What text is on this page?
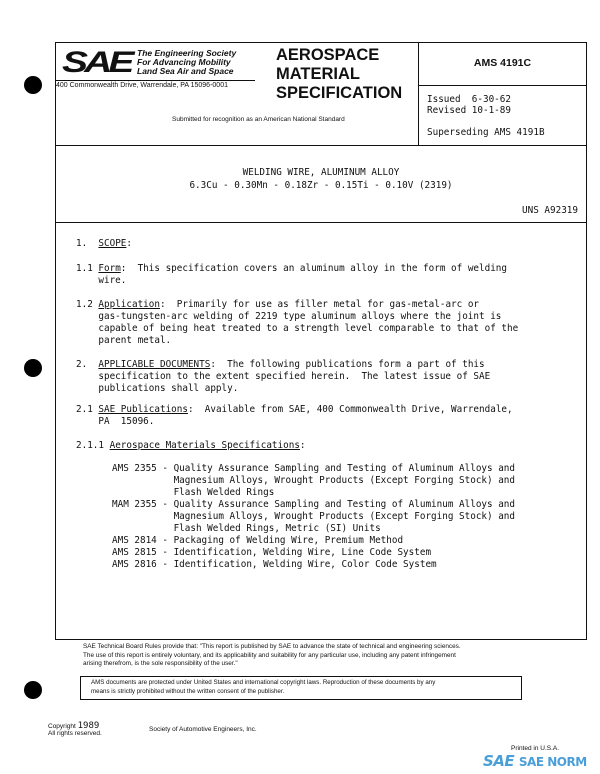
SAE The Engineering Society
For Advancing Mobility
Land Sea Air and Space
400 Commonwealth Drive, Warrendale, PA 15096-0001
AEROSPACE
MATERIAL
SPECIFICATION
Submitted for recognition as an American National Standard
AMS 4191C
Issued  6-30-62
Revised 10-1-89
Superseding AMS 4191B
WELDING WIRE, ALUMINUM ALLOY
6.3Cu - 0.30Mn - 0.18Zr - 0.15Ti - 0.10V (2319)
UNS A92319
1. SCOPE:
1.1 Form:  This specification covers an aluminum alloy in the form of welding
wire.
1.2 Application:  Primarily for use as filler metal for gas-metal-arc or
gas-tungsten-arc welding of 2219 type aluminum alloys where the joint is
capable of being heat treated to a strength level comparable to that of the
parent metal.
2. APPLICABLE DOCUMENTS:  The following publications form a part of this
specification to the extent specified herein.  The latest issue of SAE
publications shall apply.
2.1 SAE Publications:  Available from SAE, 400 Commonwealth Drive, Warrendale,
PA  15096.
2.1.1 Aerospace Materials Specifications:
AMS 2355 - Quality Assurance Sampling and Testing of Aluminum Alloys and
Magnesium Alloys, Wrought Products (Except Forging Stock) and
Flash Welded Rings
MAM 2355 - Quality Assurance Sampling and Testing of Aluminum Alloys and
Magnesium Alloys, Wrought Products (Except Forging Stock) and
Flash Welded Rings, Metric (SI) Units
AMS 2814 - Packaging of Welding Wire, Premium Method
AMS 2815 - Identification, Welding Wire, Line Code System
AMS 2816 - Identification, Welding Wire, Color Code System
SAE Technical Board Rules provide that: "This report is published by SAE to advance the state of technical and engineering sciences.
The use of this report is entirely voluntary, and its applicability and suitability for any particular use, including any patent infringement
arising therefrom, is the sole responsibility of the user."
AMS documents are protected under United States and international copyright laws. Reproduction of these documents by any
means is strictly prohibited without the written consent of the publisher.
Copyright 1989
All rights reserved.
Society of Automotive Engineers, Inc.
Printed in U.S.A.
SAE SAE NORM
